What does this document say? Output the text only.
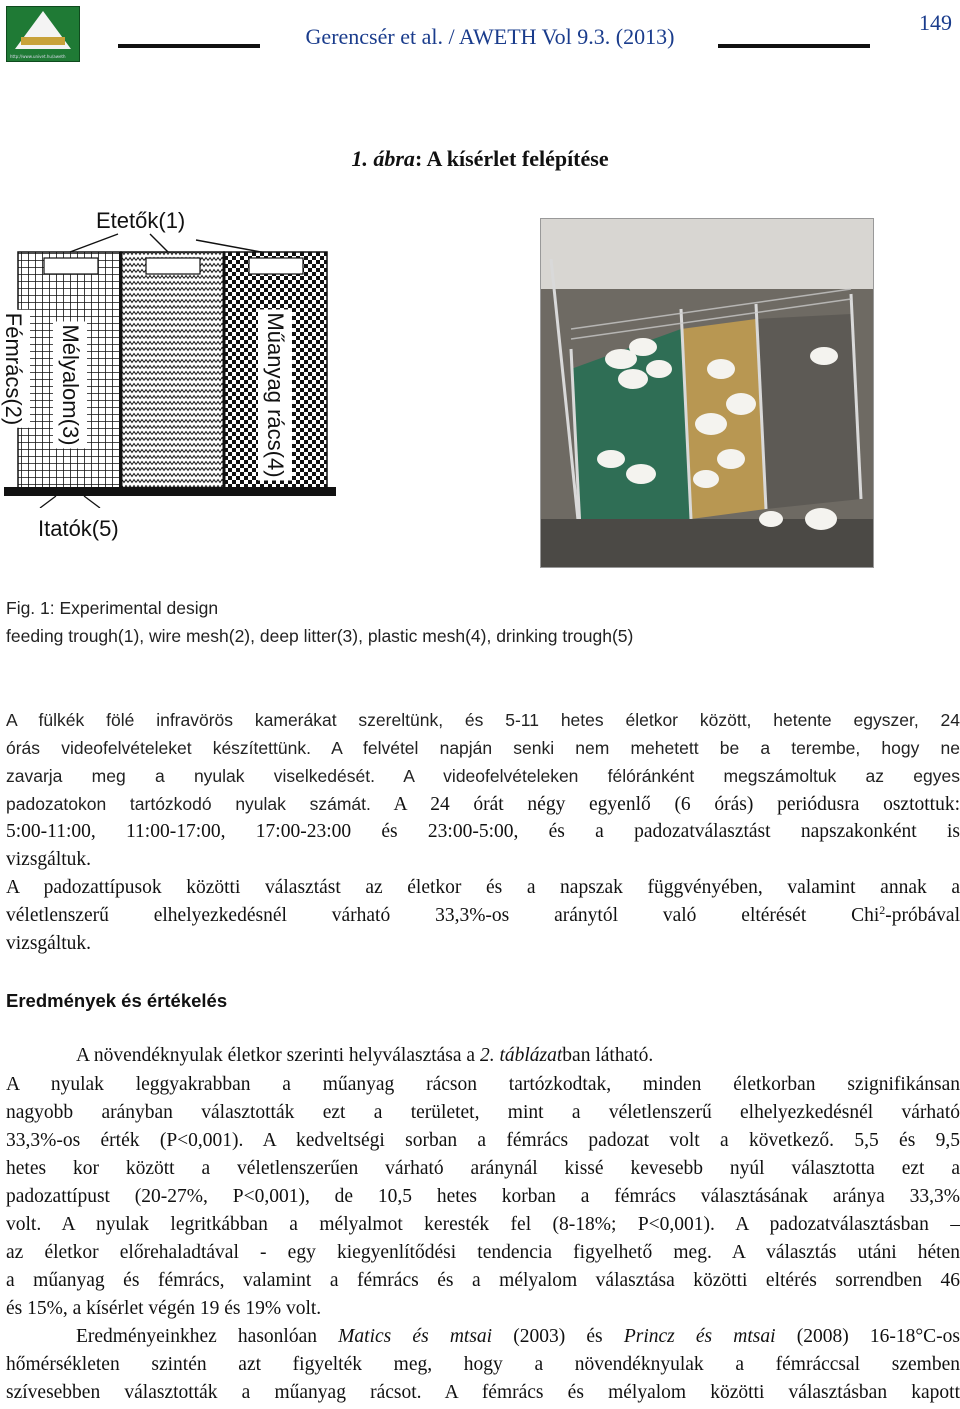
http://www.univet.hu/aweth
Gerencsér et al. / AWETH Vol 9.3. (2013)
149
1. ábra: A kísérlet felépítése
Etetők(1)
Fémrács(2) Mélyalom(3)	Műanyag rács(4)
Itatók(5)
Fig. 1: Experimental design
feeding trough(1), wire mesh(2), deep litter(3), plastic mesh(4), drinking trough(5)
A fülkék fölé infravörös kamerákat szereltünk, és 5-11 hetes életkor között, hetente egyszer, 24
órás videofelvételeket készítettünk. A felvétel napján senki nem mehetett be a terembe, hogy ne
zavarja meg a nyulak viselkedését. A videofelvételeken félóránként megszámoltuk az egyes
padozatokon tartózkodó nyulak számát. A 24 órát négy egyenlő (6 órás) periódusra osztottuk:
5:00-11:00, 11:00-17:00, 17:00-23:00 és 23:00-5:00, és a padozatválasztást napszakonként is
vizsgáltuk.
A padozattípusok közötti választást az életkor és a napszak függvényében, valamint annak a
véletlenszerű elhelyezkedésnél várható 33,3%-os aránytól való eltérését Chi$^2$-próbával
vizsgáltuk.
Eredmények és értékelés
A növendéknyulak életkor szerinti helyválasztása a 2. táblázatban látható.
A nyulak leggyakrabban a műanyag rácson tartózkodtak, minden életkorban szignifikánsan
nagyobb arányban választották ezt a területet, mint a véletlenszerű elhelyezkedésnél várható
33,3%-os érték (P<0,001). A kedveltségi sorban a fémrács padozat volt a következő. 5,5 és 9,5
hetes kor között a véletlenszerűen várható aránynál kissé kevesebb nyúl választotta ezt a
padozattípust (20-27%, P<0,001), de 10,5 hetes korban a fémrács választásának aránya 33,3%
volt. A nyulak legritkábban a mélyalmot keresték fel (8-18%; P<0,001). A padozatválasztásban –
az életkor előrehaladtával - egy kiegyenlítődési tendencia figyelhető meg. A választás utáni héten
a műanyag és fémrács, valamint a fémrács és a mélyalom választása közötti eltérés sorrendben 46
és 15%, a kísérlet végén 19 és 19% volt.
Eredményeinkhez hasonlóan Matics és mtsai (2003) és Princz és mtsai (2008) 16-18°C-os
hőmérsékleten szintén azt figyelték meg, hogy a növendéknyulak a fémráccsal szemben
szívesebben választották a műanyag rácsot. A fémrács és mélyalom közötti választásban kapott
